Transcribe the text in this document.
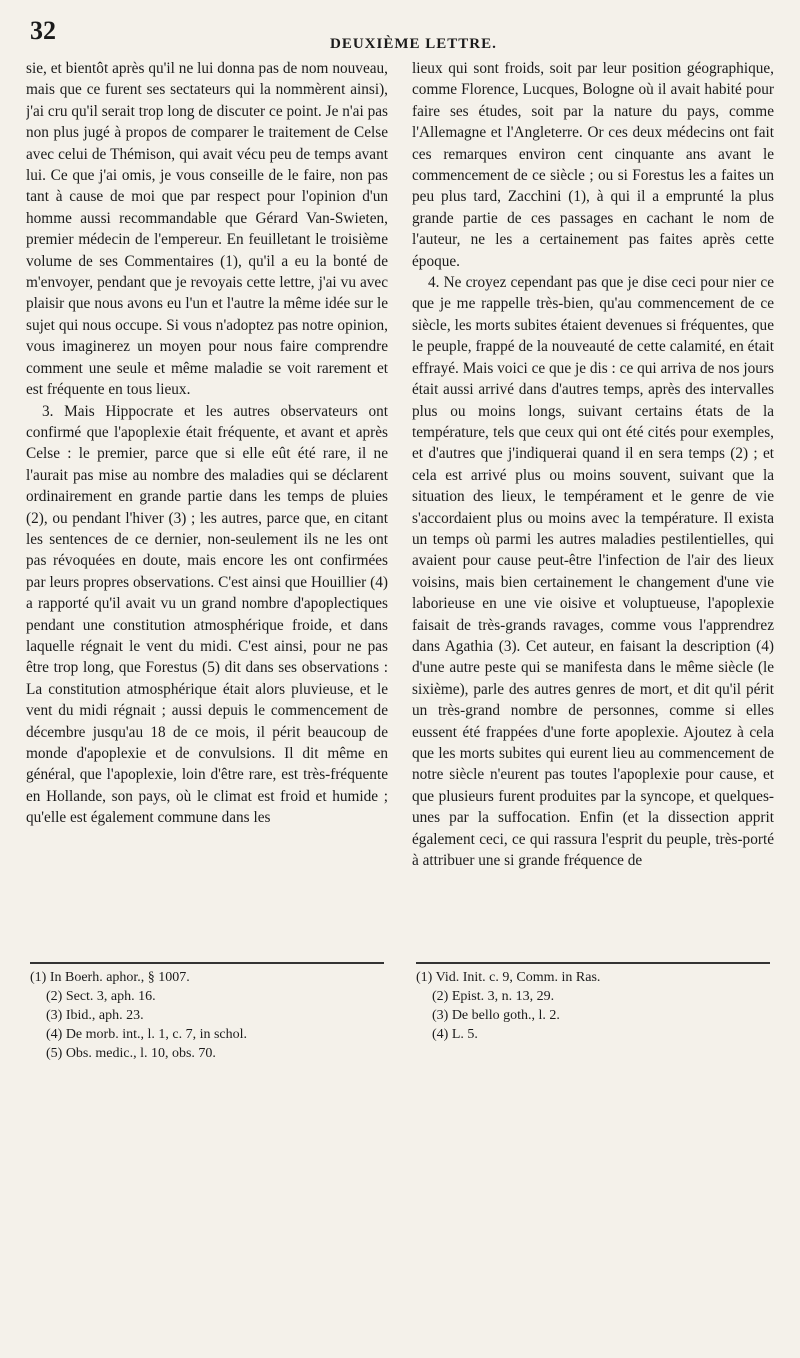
32	DEUXIÈME LETTRE.

sie, et bientôt après qu'il ne lui donna pas de nom nouveau, mais que ce furent ses sectateurs qui la nommèrent ainsi), j'ai cru qu'il serait trop long de discuter ce point. Je n'ai pas non plus jugé à propos de comparer le traitement de Celse avec celui de Thémison, qui avait vécu peu de temps avant lui. Ce que j'ai omis, je vous conseille de le faire, non pas tant à cause de moi que par respect pour l'opinion d'un homme aussi recommandable que Gérard Van-Swieten, premier médecin de l'empereur. En feuilletant le troisième volume de ses Commentaires (1), qu'il a eu la bonté de m'envoyer, pendant que je revoyais cette lettre, j'ai vu avec plaisir que nous avons eu l'un et l'autre la même idée sur le sujet qui nous occupe. Si vous n'adoptez pas notre opinion, vous imaginerez un moyen pour nous faire comprendre comment une seule et même maladie se voit rarement et est fréquente en tous lieux.

3. Mais Hippocrate et les autres observateurs ont confirmé que l'apoplexie était fréquente, et avant et après Celse : le premier, parce que si elle eût été rare, il ne l'aurait pas mise au nombre des maladies qui se déclarent ordinairement en grande partie dans les temps de pluies (2), ou pendant l'hiver (3) ; les autres, parce que, en citant les sentences de ce dernier, non-seulement ils ne les ont pas révoquées en doute, mais encore les ont confirmées par leurs propres observations. C'est ainsi que Houillier (4) a rapporté qu'il avait vu un grand nombre d'apoplectiques pendant une constitution atmosphérique froide, et dans laquelle régnait le vent du midi. C'est ainsi, pour ne pas être trop long, que Forestus (5) dit dans ses observations : La constitution atmosphérique était alors pluvieuse, et le vent du midi régnait ; aussi depuis le commencement de décembre jusqu'au 18 de ce mois, il périt beaucoup de monde d'apoplexie et de convulsions. Il dit même en général, que l'apoplexie, loin d'être rare, est très-fréquente en Hollande, son pays, où le climat est froid et humide ; qu'elle est également commune dans les

(1) In Boerh. aphor., § 1007.

(2) Sect. 3, aph. 16.

(3) Ibid., aph. 23.

(4) De morb. int., l. 1, c. 7, in schol.

(5) Obs. medic., l. 10, obs. 70.

lieux qui sont froids, soit par leur position géographique, comme Florence, Lucques, Bologne où il avait habité pour faire ses études, soit par la nature du pays, comme l'Allemagne et l'Angleterre. Or ces deux médecins ont fait ces remarques environ cent cinquante ans avant le commencement de ce siècle ; ou si Forestus les a faites un peu plus tard, Zacchini (1), à qui il a emprunté la plus grande partie de ces passages en cachant le nom de l'auteur, ne les a certainement pas faites après cette époque.

4. Ne croyez cependant pas que je dise ceci pour nier ce que je me rappelle très-bien, qu'au commencement de ce siècle, les morts subites étaient devenues si fréquentes, que le peuple, frappé de la nouveauté de cette calamité, en était effrayé. Mais voici ce que je dis : ce qui arriva de nos jours était aussi arrivé dans d'autres temps, après des intervalles plus ou moins longs, suivant certains états de la température, tels que ceux qui ont été cités pour exemples, et d'autres que j'indiquerai quand il en sera temps (2) ; et cela est arrivé plus ou moins souvent, suivant que la situation des lieux, le tempérament et le genre de vie s'accordaient plus ou moins avec la température. Il exista un temps où parmi les autres maladies pestilentielles, qui avaient pour cause peut-être l'infection de l'air des lieux voisins, mais bien certainement le changement d'une vie laborieuse en une vie oisive et voluptueuse, l'apoplexie faisait de très-grands ravages, comme vous l'apprendrez dans Agathia (3). Cet auteur, en faisant la description (4) d'une autre peste qui se manifesta dans le même siècle (le sixième), parle des autres genres de mort, et dit qu'il périt un très-grand nombre de personnes, comme si elles eussent été frappées d'une forte apoplexie. Ajoutez à cela que les morts subites qui eurent lieu au commencement de notre siècle n'eurent pas toutes l'apoplexie pour cause, et que plusieurs furent produites par la syncope, et quelques-unes par la suffocation. Enfin (et la dissection apprit également ceci, ce qui rassura l'esprit du peuple, très-porté à attribuer une si grande fréquence de

(1) Vid. Init. c. 9, Comm. in Ras.

(2) Epist. 3, n. 13, 29.

(3) De bello goth., l. 2.

(4) L. 5.
